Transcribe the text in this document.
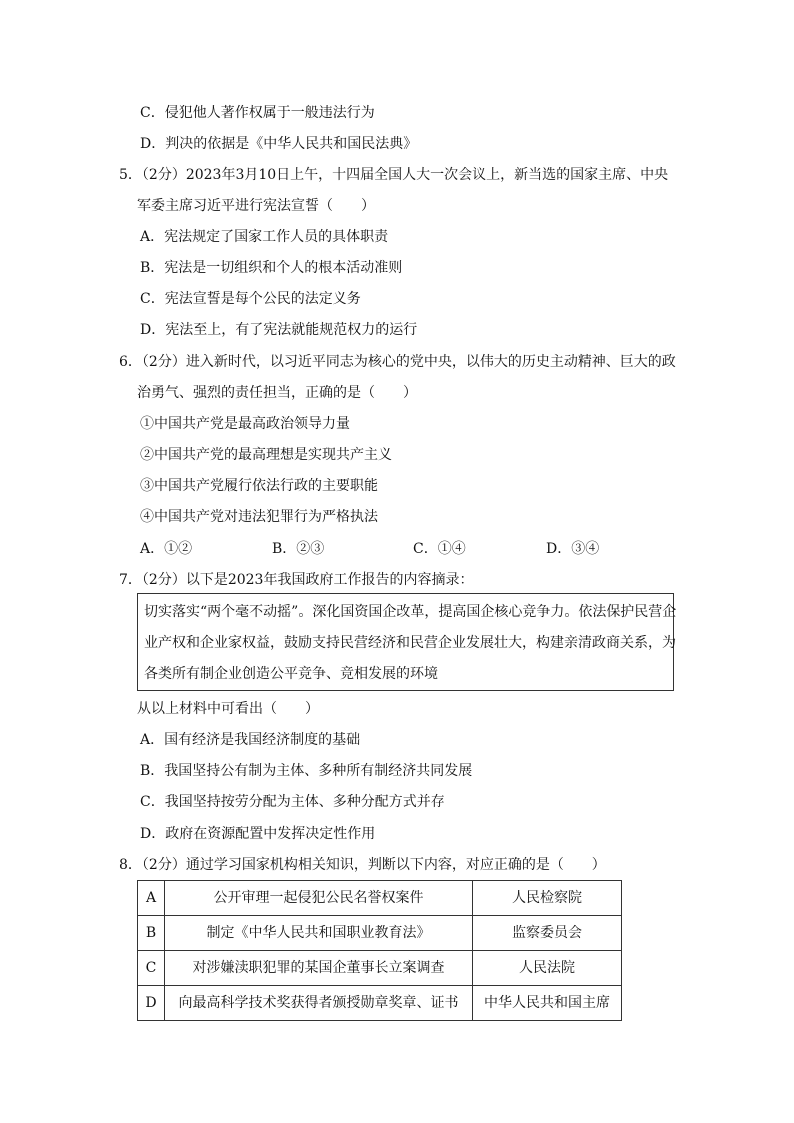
C．侵犯他人著作权属于一般违法行为
D．判决的依据是《中华人民共和国民法典》
5．（2分）2023年3月10日上午，十四届全国人大一次会议上，新当选的国家主席、中央
军委主席习近平进行宪法宣誓（　　）
A．宪法规定了国家工作人员的具体职责
B．宪法是一切组织和个人的根本活动准则
C．宪法宣誓是每个公民的法定义务
D．宪法至上，有了宪法就能规范权力的运行
6．（2分）进入新时代，以习近平同志为核心的党中央，以伟大的历史主动精神、巨大的政
治勇气、强烈的责任担当，正确的是（　　）
①中国共产党是最高政治领导力量
②中国共产党的最高理想是实现共产主义
③中国共产党履行依法行政的主要职能
④中国共产党对违法犯罪行为严格执法
A．①②	B．②③	C．①④	D．③④
7．（2分）以下是2023年我国政府工作报告的内容摘录：
切实落实“两个毫不动摇”。深化国资国企改革，提高国企核心竞争力。依法保护民营企
业产权和企业家权益，鼓励支持民营经济和民营企业发展壮大，构建亲清政商关系，为
各类所有制企业创造公平竞争、竞相发展的环境
从以上材料中可看出（　　）
A．国有经济是我国经济制度的基础
B．我国坚持公有制为主体、多种所有制经济共同发展
C．我国坚持按劳分配为主体、多种分配方式并存
D．政府在资源配置中发挥决定性作用
8．（2分）通过学习国家机构相关知识，判断以下内容，对应正确的是（　　）
A	公开审理一起侵犯公民名誉权案件	人民检察院
B	制定《中华人民共和国职业教育法》	监察委员会
C	对涉嫌渎职犯罪的某国企董事长立案调查	人民法院
D	向最高科学技术奖获得者颁授勋章奖章、证书	中华人民共和国主席
